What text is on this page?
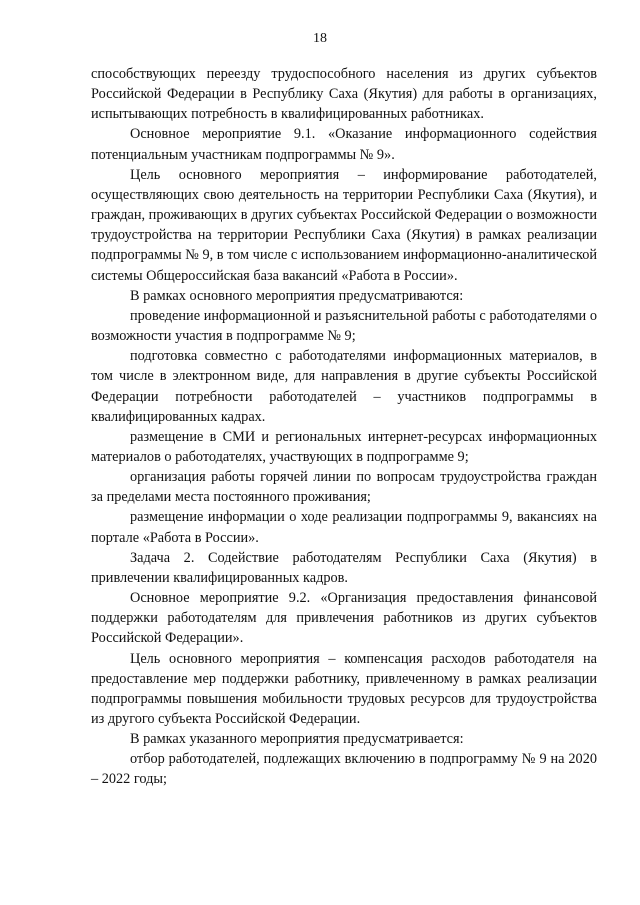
18

способствующих переезду трудоспособного населения из других субъектов Российской Федерации в Республику Саха (Якутия) для работы в организациях, испытывающих потребность в квалифицированных работниках.

Основное мероприятие 9.1. «Оказание информационного содействия потенциальным участникам подпрограммы № 9».

Цель основного мероприятия – информирование работодателей, осуществляющих свою деятельность на территории Республики Саха (Якутия), и граждан, проживающих в других субъектах Российской Федерации о возможности трудоустройства на территории Республики Саха (Якутия) в рамках реализации подпрограммы № 9, в том числе с использованием информационно-аналитической системы Общероссийская база вакансий «Работа в России».

В рамках основного мероприятия предусматриваются:

проведение информационной и разъяснительной работы с работодателями о возможности участия в подпрограмме № 9;

подготовка совместно с работодателями информационных материалов, в том числе в электронном виде, для направления в другие субъекты Российской Федерации потребности работодателей – участников подпрограммы в квалифицированных кадрах.

размещение в СМИ и региональных интернет-ресурсах информационных материалов о работодателях, участвующих в подпрограмме 9;

организация работы горячей линии по вопросам трудоустройства граждан за пределами места постоянного проживания;

размещение информации о ходе реализации подпрограммы 9, вакансиях на портале «Работа в России».

Задача 2. Содействие работодателям Республики Саха (Якутия) в привлечении квалифицированных кадров.

Основное мероприятие 9.2. «Организация предоставления финансовой поддержки работодателям для привлечения работников из других субъектов Российской Федерации».

Цель основного мероприятия – компенсация расходов работодателя на предоставление мер поддержки работнику, привлеченному в рамках реализации подпрограммы повышения мобильности трудовых ресурсов для трудоустройства из другого субъекта Российской Федерации.

В рамках указанного мероприятия предусматривается:

отбор работодателей, подлежащих включению в подпрограмму № 9 на 2020 – 2022 годы;
